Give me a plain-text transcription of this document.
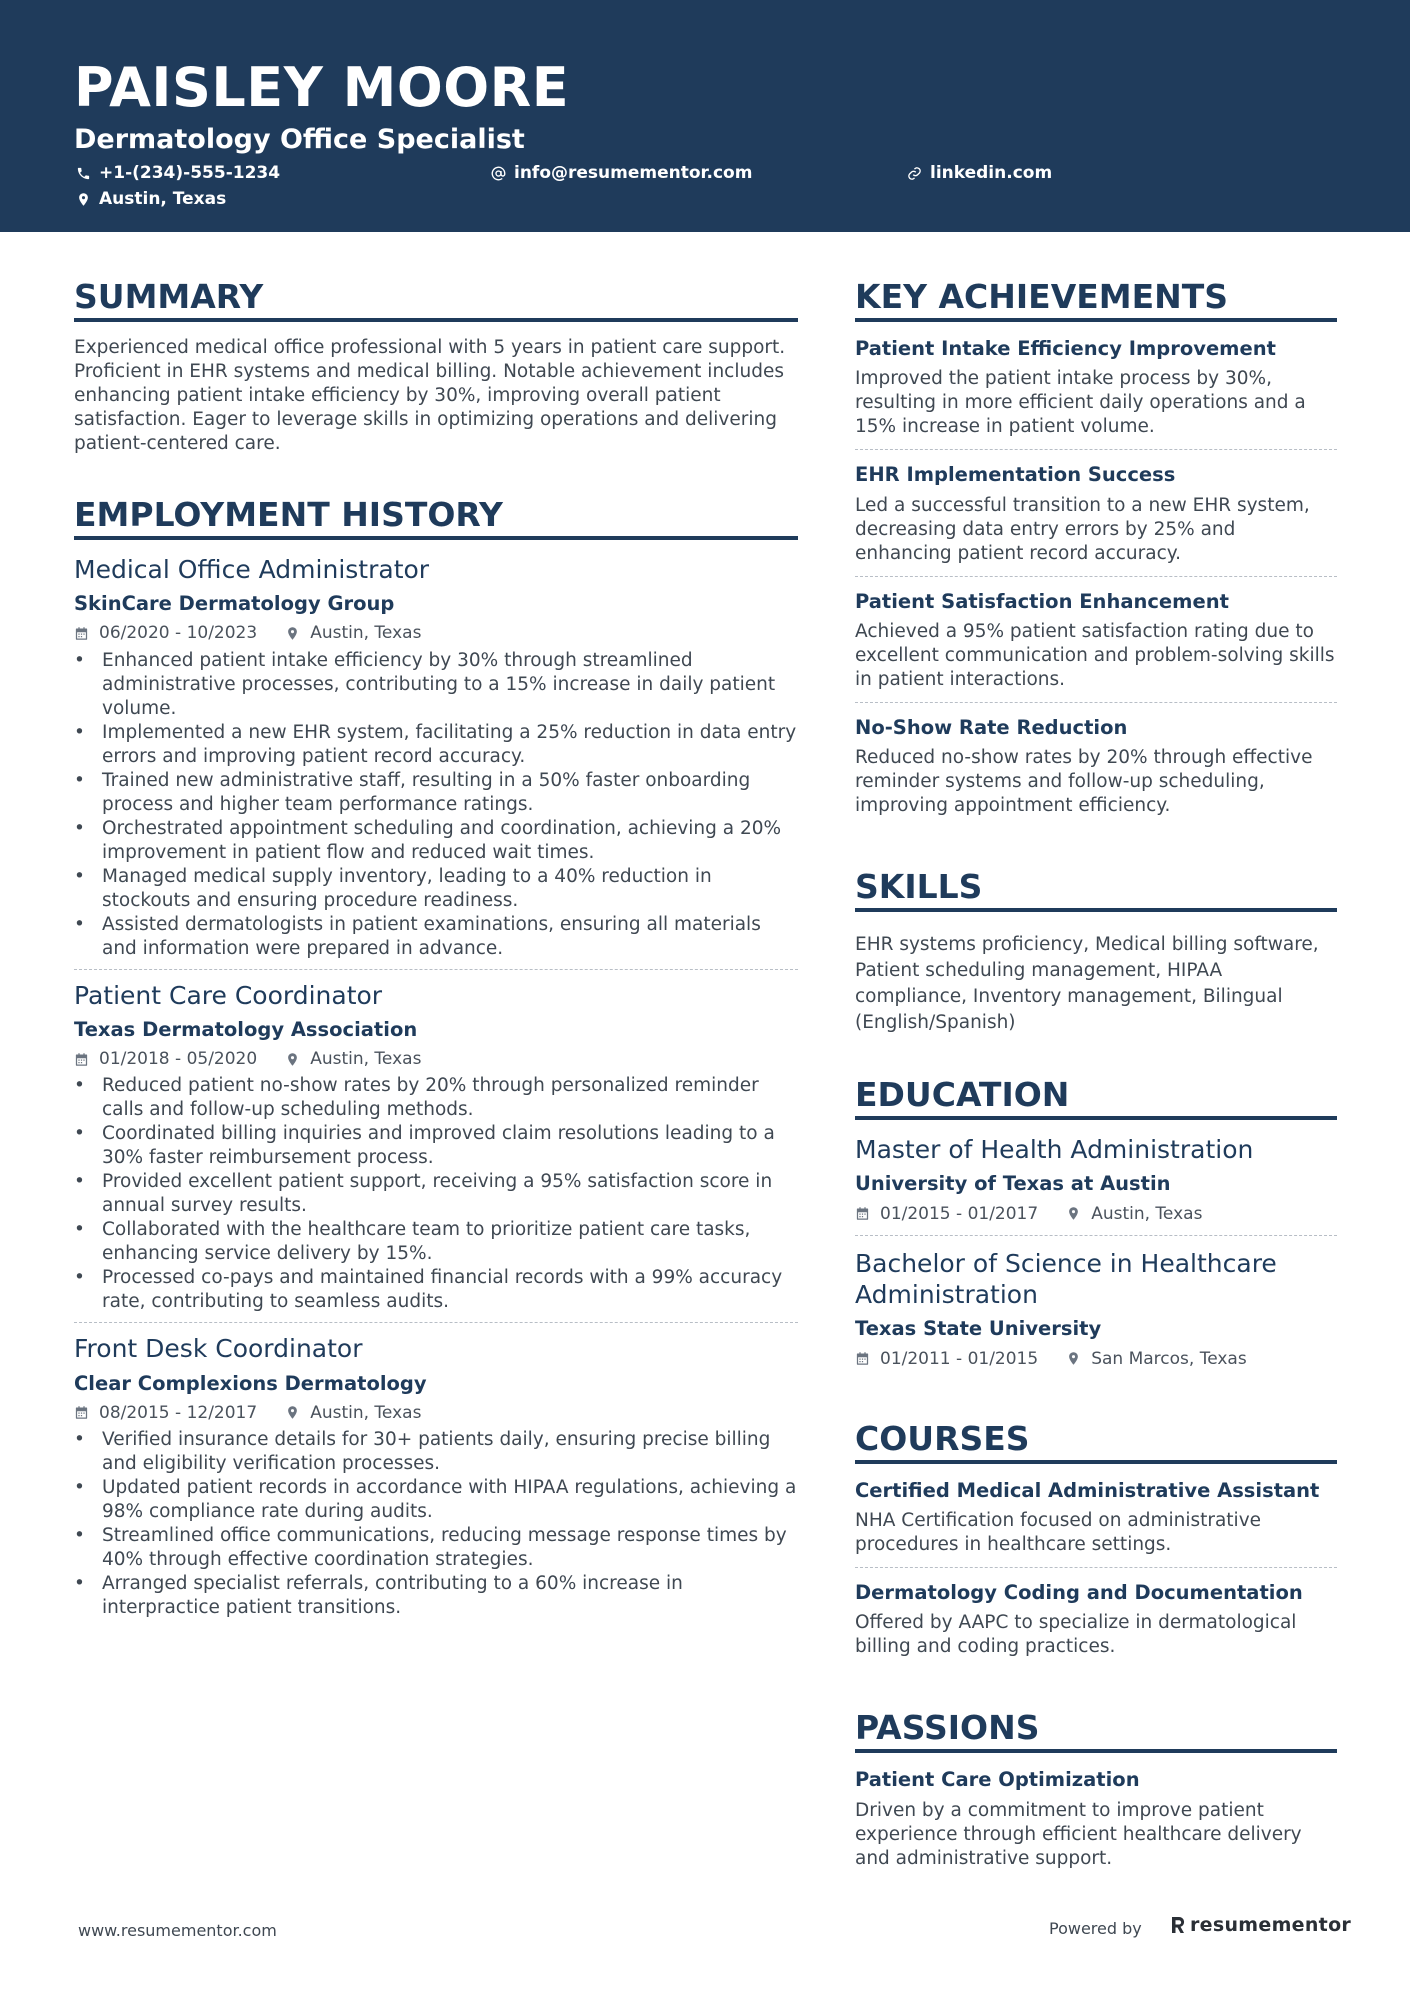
PAISLEY MOORE
Dermatology Office Specialist
+1-(234)-555-1234	info@resumementor.com	linkedin.com
Austin, Texas
SUMMARY

Experienced medical office professional with 5 years in patient care support. Proficient in EHR systems and medical billing. Notable achievement includes enhancing patient intake efficiency by 30%, improving overall patient satisfaction. Eager to leverage skills in optimizing operations and delivering patient-centered care.

EMPLOYMENT HISTORY
Medical Office Administrator
SkinCare Dermatology Group
06/2020 - 10/2023	Austin, Texas
• Enhanced patient intake efficiency by 30% through streamlined administrative processes, contributing to a 15% increase in daily patient volume.
• Implemented a new EHR system, facilitating a 25% reduction in data entry errors and improving patient record accuracy.
• Trained new administrative staff, resulting in a 50% faster onboarding process and higher team performance ratings.
• Orchestrated appointment scheduling and coordination, achieving a 20% improvement in patient flow and reduced wait times.
• Managed medical supply inventory, leading to a 40% reduction in stockouts and ensuring procedure readiness.
• Assisted dermatologists in patient examinations, ensuring all materials and information were prepared in advance.
Patient Care Coordinator
Texas Dermatology Association
01/2018 - 05/2020	Austin, Texas
• Reduced patient no-show rates by 20% through personalized reminder calls and follow-up scheduling methods.
• Coordinated billing inquiries and improved claim resolutions leading to a 30% faster reimbursement process.
• Provided excellent patient support, receiving a 95% satisfaction score in annual survey results.
• Collaborated with the healthcare team to prioritize patient care tasks, enhancing service delivery by 15%.
• Processed co-pays and maintained financial records with a 99% accuracy rate, contributing to seamless audits.
Front Desk Coordinator
Clear Complexions Dermatology
08/2015 - 12/2017	Austin, Texas
• Verified insurance details for 30+ patients daily, ensuring precise billing and eligibility verification processes.
• Updated patient records in accordance with HIPAA regulations, achieving a 98% compliance rate during audits.
• Streamlined office communications, reducing message response times by 40% through effective coordination strategies.
• Arranged specialist referrals, contributing to a 60% increase in interpractice patient transitions.
KEY ACHIEVEMENTS
Patient Intake Efficiency Improvement

Improved the patient intake process by 30%, resulting in more efficient daily operations and a 15% increase in patient volume.

EHR Implementation Success

Led a successful transition to a new EHR system, decreasing data entry errors by 25% and enhancing patient record accuracy.

Patient Satisfaction Enhancement

Achieved a 95% patient satisfaction rating due to excellent communication and problem-solving skills in patient interactions.

No-Show Rate Reduction

Reduced no-show rates by 20% through effective reminder systems and follow-up scheduling, improving appointment efficiency.

SKILLS

EHR systems proficiency, Medical billing software, Patient scheduling management, HIPAA compliance, Inventory management, Bilingual (English/Spanish)

EDUCATION
Master of Health Administration
University of Texas at Austin
01/2015 - 01/2017	Austin, Texas
Bachelor of Science in Healthcare Administration
Texas State University
01/2011 - 01/2015	San Marcos, Texas
COURSES
Certified Medical Administrative Assistant

NHA Certification focused on administrative procedures in healthcare settings.

Dermatology Coding and Documentation

Offered by AAPC to specialize in dermatological billing and coding practices.

PASSIONS
Patient Care Optimization

Driven by a commitment to improve patient experience through efficient healthcare delivery and administrative support.

www.resumementor.com	Powered by	resumementor
